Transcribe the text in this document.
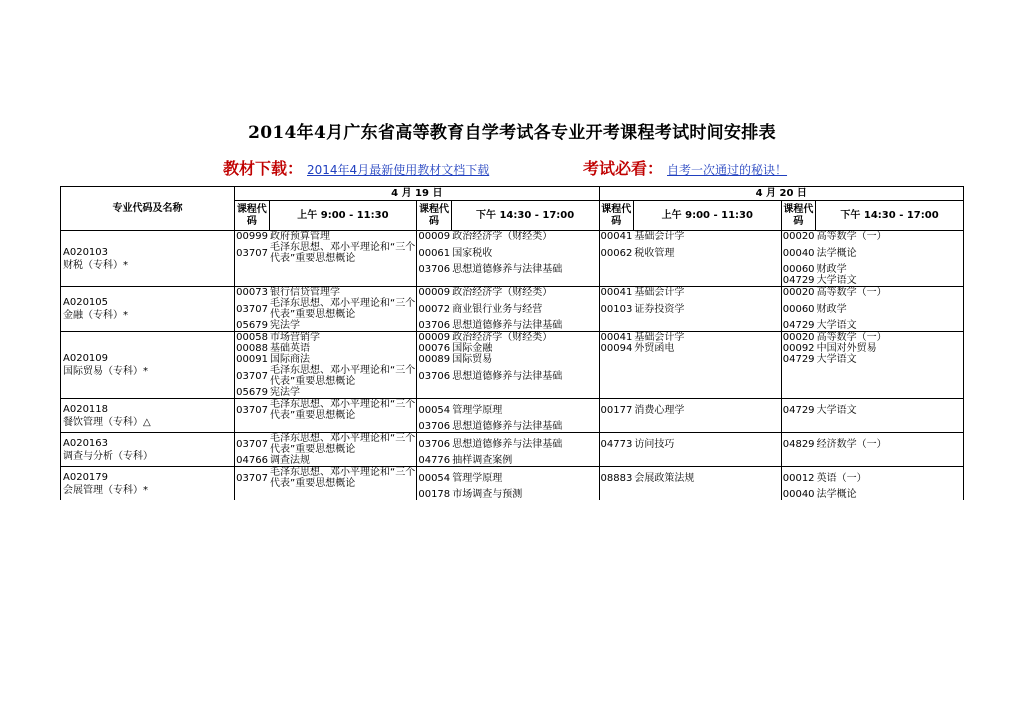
2014年4月广东省高等教育自学考试各专业开考课程考试时间安排表
教材下载： 2014年4月最新使用教材文档下载	考试必看： 自考一次通过的秘诀！
专业代码及名称	4 月 19 日				4 月 20 日			
	课程代码	上午 9:00 - 11:30	课程代码	下午 14:30 - 17:00	课程代码	上午 9:00 - 11:30	课程代码	下午 14:30 - 17:00

A020103
财税（专科）*	00999	政府预算管理	00009	政治经济学（财经类）	00041	基础会计学	00020	高等数学（一）
	03707	毛泽东思想、邓小平理论和“三个代表”重要思想概论	00061	国家税收	00062	税收管理	00040	法学概论
			03706	思想道德修养与法律基础			00060	财政学
							04729	大学语文

A020105
金融（专科）*	00073	银行信贷管理学	00009	政治经济学（财经类）	00041	基础会计学	00020	高等数学（一）
	03707	毛泽东思想、邓小平理论和“三个代表”重要思想概论	00072	商业银行业务与经营	00103	证券投资学	00060	财政学
	05679	宪法学	03706	思想道德修养与法律基础			04729	大学语文

A020109
国际贸易（专科）*	00058	市场营销学	00009	政治经济学（财经类）	00041	基础会计学	00020	高等数学（一）
	00088	基础英语	00076	国际金融	00094	外贸函电	00092	中国对外贸易
	00091	国际商法	00089	国际贸易			04729	大学语文
	03707	毛泽东思想、邓小平理论和“三个代表”重要思想概论	03706	思想道德修养与法律基础				
	05679	宪法学						

A020118
餐饮管理（专科）△	03707	毛泽东思想、邓小平理论和“三个代表”重要思想概论	00054	管理学原理	00177	消费心理学	04729	大学语文
			03706	思想道德修养与法律基础				

A020163
调查与分析（专科）	03707	毛泽东思想、邓小平理论和“三个代表”重要思想概论	03706	思想道德修养与法律基础	04773	访问技巧	04829	经济数学（一）
	04766	调查法规	04776	抽样调查案例				

A020179
会展管理（专科）*	03707	毛泽东思想、邓小平理论和“三个代表”重要思想概论	00054	管理学原理	08883	会展政策法规	00012	英语（一）
			00178	市场调查与预测			00040	法学概论
